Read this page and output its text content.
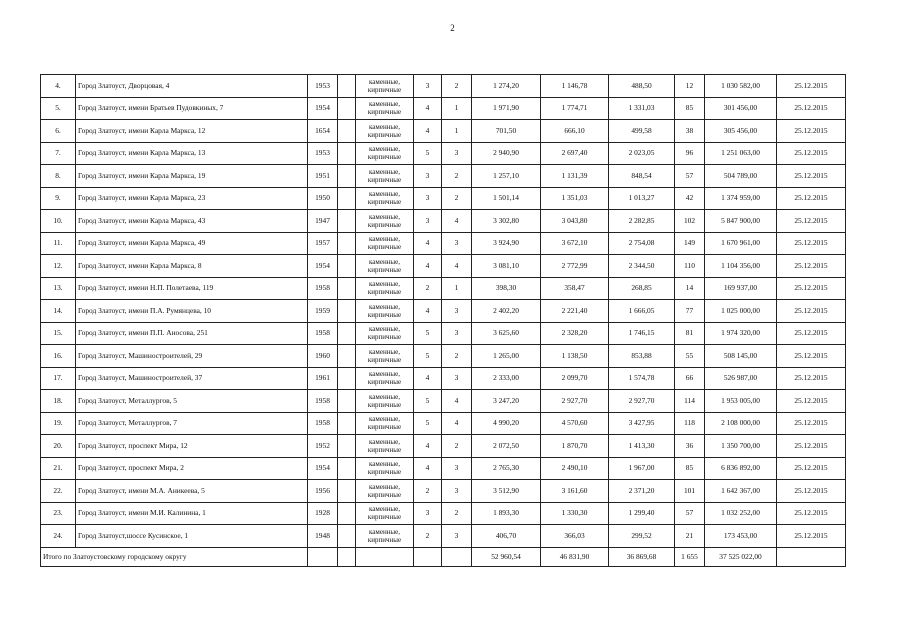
2
4.	Город Златоуст, Дворцовая, 4	1953		каменные, кирпичные	3	2	1 274,20	1 146,78	488,50	12	1 030 582,00	25.12.2015
5.	Город Златоуст, имени Братьев Пудовкиных, 7	1954		каменные, кирпичные	4	1	1 971,90	1 774,71	1 331,03	85	301 456,00	25.12.2015
6.	Город Златоуст, имени Карла Маркса, 12	1654		каменные, кирпичные	4	1	701,50	666,10	499,58	38	305 456,00	25.12.2015
7.	Город Златоуст, имени Карла Маркса, 13	1953		каменные, кирпичные	5	3	2 940,90	2 697,40	2 023,05	96	1 251 063,00	25.12.2015
8.	Город Златоуст, имени Карла Маркса, 19	1951		каменные, кирпичные	3	2	1 257,10	1 131,39	848,54	57	504 789,00	25.12.2015
9.	Город Златоуст, имени Карла Маркса, 23	1950		каменные, кирпичные	3	2	1 501,14	1 351,03	1 013,27	42	1 374 959,00	25.12.2015
10.	Город Златоуст, имени Карла Маркса, 43	1947		каменные, кирпичные	3	4	3 302,80	3 043,80	2 282,85	102	5 847 900,00	25.12.2015
11.	Город Златоуст, имени Карла Маркса, 49	1957		каменные, кирпичные	4	3	3 924,90	3 672,10	2 754,08	149	1 670 961,00	25.12.2015
12.	Город Златоуст, имени Карла Маркса, 8	1954		каменные, кирпичные	4	4	3 081,10	2 772,99	2 344,50	110	1 104 356,00	25.12.2015
13.	Город Златоуст, имени Н.П. Полетаева, 119	1958		каменные, кирпичные	2	1	398,30	358,47	268,85	14	169 937,00	25.12.2015
14.	Город Златоуст, имени П.А. Румянцева, 10	1959		каменные, кирпичные	4	3	2 402,20	2 221,40	1 666,05	77	1 025 000,00	25.12.2015
15.	Город Златоуст, имени П.П. Аносова, 251	1958		каменные, кирпичные	5	3	3 625,60	2 328,20	1 746,15	81	1 974 320,00	25.12.2015
16.	Город Златоуст, Машиностроителей, 29	1960		каменные, кирпичные	5	2	1 265,00	1 138,50	853,88	55	508 145,00	25.12.2015
17.	Город Златоуст, Машиностроителей, 37	1961		каменные, кирпичные	4	3	2 333,00	2 099,70	1 574,78	66	526 987,00	25.12.2015
18.	Город Златоуст, Металлургов, 5	1958		каменные, кирпичные	5	4	3 247,20	2 927,70	2 927,70	114	1 953 005,00	25.12.2015
19.	Город Златоуст, Металлургов, 7	1958		каменные, кирпичные	5	4	4 990,20	4 570,60	3 427,95	118	2 108 000,00	25.12.2015
20.	Город Златоуст, проспект Мира, 12	1952		каменные, кирпичные	4	2	2 072,50	1 870,70	1 413,30	36	1 350 700,00	25.12.2015
21.	Город Златоуст, проспект Мира, 2	1954		каменные, кирпичные	4	3	2 765,30	2 490,10	1 967,00	85	6 836 892,00	25.12.2015
22.	Город Златоуст, имени М.А. Аникеева, 5	1956		каменные, кирпичные	2	3	3 512,90	3 161,60	2 371,20	101	1 642 367,00	25.12.2015
23.	Город Златоуст, имени М.И. Калинина, 1	1928		каменные, кирпичные	3	2	1 893,30	1 330,30	1 299,40	57	1 032 252,00	25.12.2015
24.	Город Златоуст,шоссе Кусинское, 1	1948		каменные, кирпичные	2	3	406,70	366,03	299,52	21	173 453,00	25.12.2015
Итого по Златоустовскому городскому округу							52 960,54	46 831,90	36 869,68	1 655	37 525 022,00	
